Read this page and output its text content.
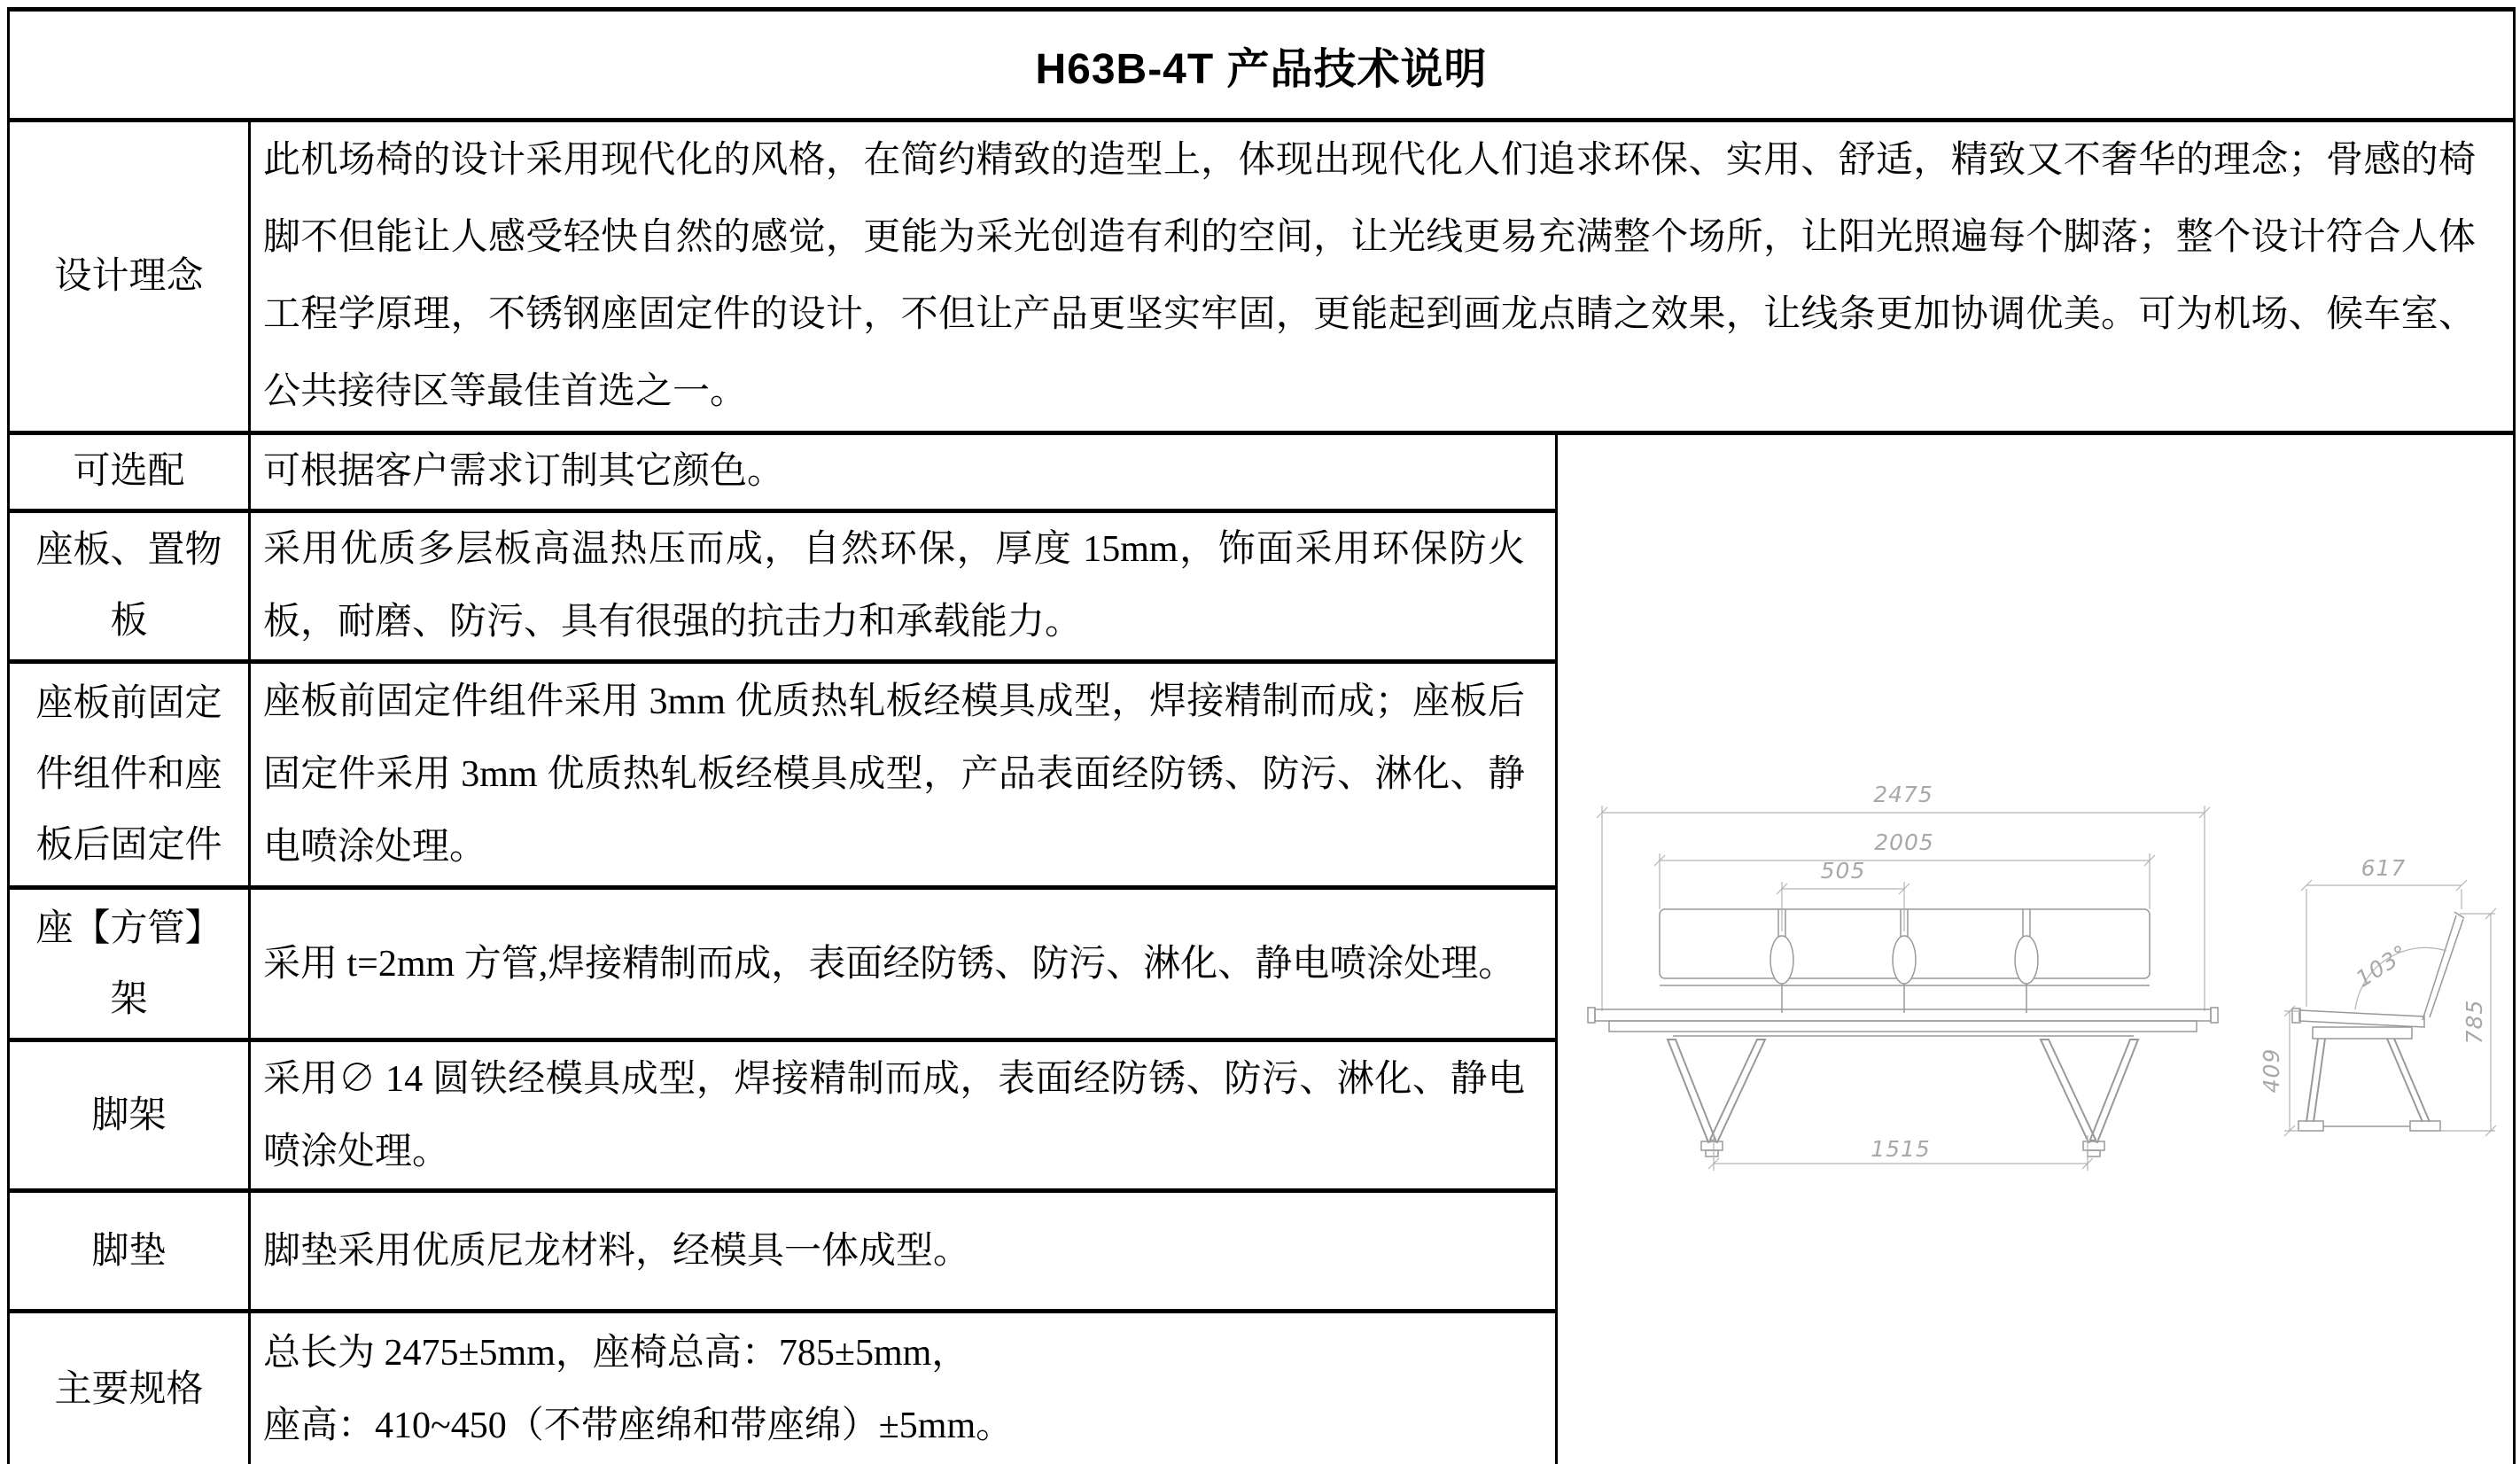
H63B-4T 产品技术说明		
设计理念	此机场椅的设计采用现代化的风格，在简约精致的造型上，体现出现代化人们追求环保、实用、舒适，精致又不奢华的理念；骨感的椅脚不但能让人感受轻快自然的感觉，更能为采光创造有利的空间，让光线更易充满整个场所，让阳光照遍每个脚落；整个设计符合人体工程学原理，不锈钢座固定件的设计，不但让产品更坚实牢固，更能起到画龙点睛之效果，让线条更加协调优美。可为机场、候车室、公共接待区等最佳首选之一。	
可选配	可根据客户需求订制其它颜色。	
2475
2005
505
1515
617
103°
785
409

座板、置物板	采用优质多层板高温热压而成，自然环保，厚度 15mm，饰面采用环保防火板，耐磨、防污、具有很强的抗击力和承载能力。	
座板前固定件组件和座板后固定件	座板前固定件组件采用 3mm 优质热轧板经模具成型，焊接精制而成；座板后固定件采用 3mm 优质热轧板经模具成型，产品表面经防锈、防污、淋化、静电喷涂处理。	
座【方管】架	采用 t=2mm 方管,焊接精制而成，表面经防锈、防污、淋化、静电喷涂处理。	
脚架	采用∅ 14 圆铁经模具成型，焊接精制而成，表面经防锈、防污、淋化、静电喷涂处理。	
脚垫	脚垫采用优质尼龙材料，经模具一体成型。	
主要规格	总长为 2475±5mm，座椅总高：785±5mm，
座高：410~450（不带座绵和带座绵）±5mm。	
